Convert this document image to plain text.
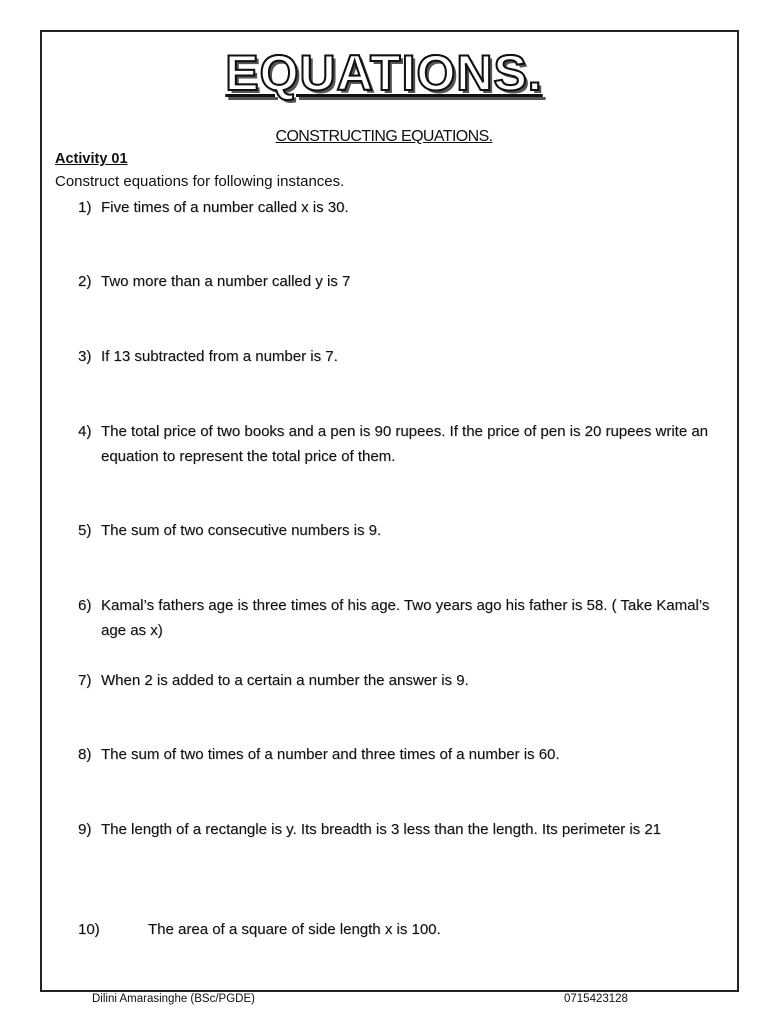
EQUATIONS.
CONSTRUCTING EQUATIONS.
Activity 01
Construct equations for following instances.
1) Five times of a number called x is 30.
2) Two more than a number called y is 7
3) If 13 subtracted from a number is 7.
4) The total price of two books and a pen is 90 rupees. If the price of pen is 20 rupees write an equation to represent the total price of them.
5) The sum of two consecutive numbers is 9.
6) Kamal’s fathers age is three times of his age. Two years ago his father is 58. ( Take Kamal’s age as x)
7) When 2 is added to a certain a number the answer is 9.
8) The sum of two times of a number and three times of a number is 60.
9) The length of a rectangle is y. Its breadth is 3 less than the length. Its perimeter is 21
10)	The area of a square of side length x is 100.
Dilini Amarasinghe (BSc/PGDE)	0715423128
